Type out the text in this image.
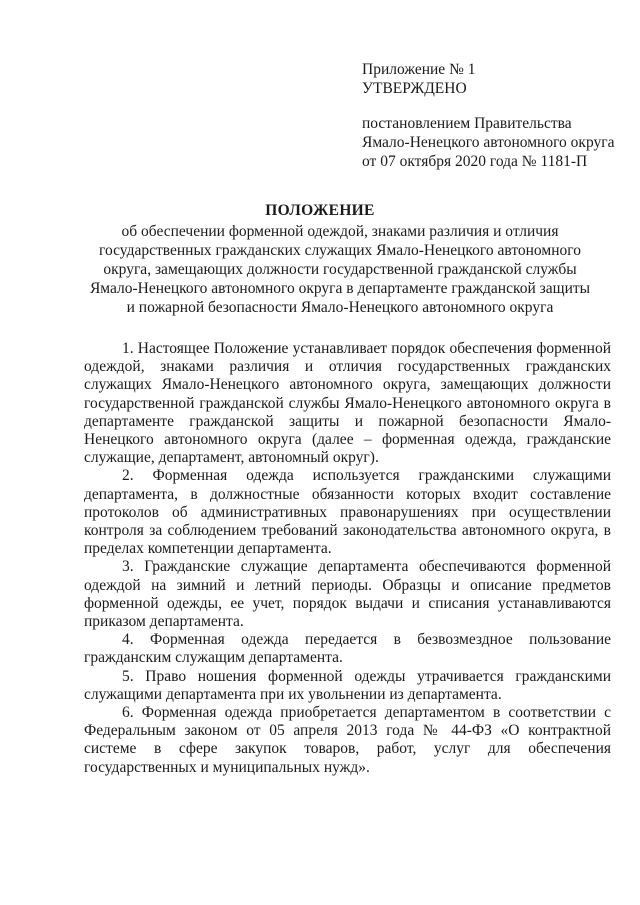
Приложение № 1
УТВЕРЖДЕНО
постановлением Правительства
Ямало-Ненецкого автономного округа
от 07 октября 2020 года № 1181-П
ПОЛОЖЕНИЕ
об обеспечении форменной одеждой, знаками различия и отличия
государственных гражданских служащих Ямало-Ненецкого автономного
округа, замещающих должности государственной гражданской службы
Ямало-Ненецкого автономного округа в департаменте гражданской защиты
и пожарной безопасности Ямало-Ненецкого автономного округа

1. Настоящее Положение устанавливает порядок обеспечения форменной одеждой, знаками различия и отличия государственных гражданских служащих Ямало-Ненецкого автономного округа, замещающих должности государственной гражданской службы Ямало-Ненецкого автономного округа в департаменте гражданской защиты и пожарной безопасности Ямало-Ненецкого автономного округа (далее – форменная одежда, гражданские служащие, департамент, автономный округ).

2. Форменная одежда используется гражданскими служащими департамента, в должностные обязанности которых входит составление протоколов об административных правонарушениях при осуществлении контроля за соблюдением требований законодательства автономного округа, в пределах компетенции департамента.

3. Гражданские служащие департамента обеспечиваются форменной одеждой на зимний и летний периоды. Образцы и описание предметов форменной одежды, ее учет, порядок выдачи и списания устанавливаются приказом департамента.

4. Форменная одежда передается в безвозмездное пользование гражданским служащим департамента.

5. Право ношения форменной одежды утрачивается гражданскими служащими департамента при их увольнении из департамента.

6. Форменная одежда приобретается департаментом в соответствии с Федеральным законом от 05 апреля 2013 года № 44-ФЗ «О контрактной системе в сфере закупок товаров, работ, услуг для обеспечения государственных и муниципальных нужд».
